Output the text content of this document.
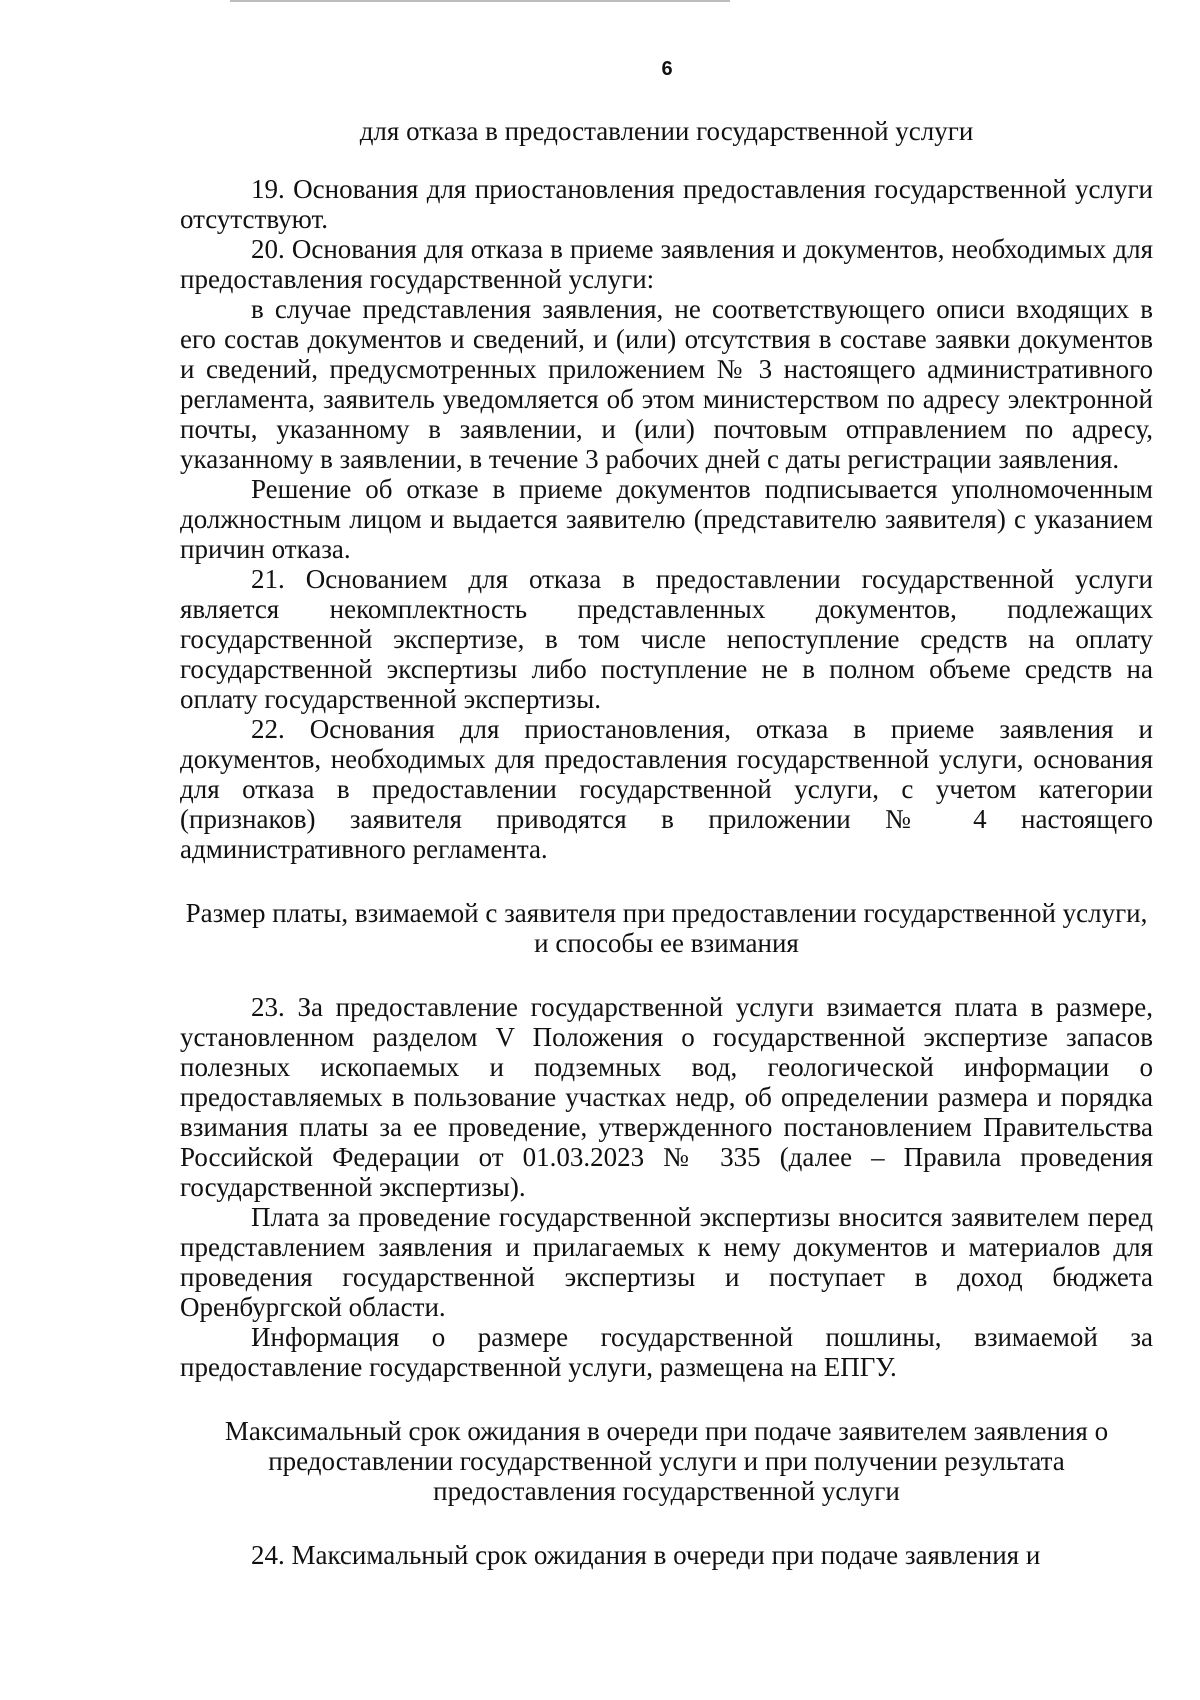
6

для отказа в предоставлении государственной услуги

19. Основания для приостановления предоставления государственной услуги отсутствуют.

20. Основания для отказа в приеме заявления и документов, необходимых для предоставления государственной услуги:

в случае представления заявления, не соответствующего описи входящих в его состав документов и сведений, и (или) отсутствия в составе заявки документов и сведений, предусмотренных приложением № 3 настоящего административного регламента, заявитель уведомляется об этом министерством по адресу электронной почты, указанному в заявлении, и (или) почтовым отправлением по адресу, указанному в заявлении, в течение 3 рабочих дней с даты регистрации заявления.

Решение об отказе в приеме документов подписывается уполномоченным должностным лицом и выдается заявителю (представителю заявителя) с указанием причин отказа.

21. Основанием для отказа в предоставлении государственной услуги является некомплектность представленных документов, подлежащих государственной экспертизе, в том числе непоступление средств на оплату государственной экспертизы либо поступление не в полном объеме средств на оплату государственной экспертизы.

22. Основания для приостановления, отказа в приеме заявления и документов, необходимых для предоставления государственной услуги, основания для отказа в предоставлении государственной услуги, с учетом категории (признаков) заявителя приводятся в приложении № 4 настоящего административного регламента.

Размер платы, взимаемой с заявителя при предоставлении государственной услуги, и способы ее взимания

23. За предоставление государственной услуги взимается плата в размере, установленном разделом V Положения о государственной экспертизе запасов полезных ископаемых и подземных вод, геологической информации о предоставляемых в пользование участках недр, об определении размера и порядка взимания платы за ее проведение, утвержденного постановлением Правительства Российской Федерации от 01.03.2023 № 335 (далее – Правила проведения государственной экспертизы).

Плата за проведение государственной экспертизы вносится заявителем перед представлением заявления и прилагаемых к нему документов и материалов для проведения государственной экспертизы и поступает в доход бюджета Оренбургской области.

Информация о размере государственной пошлины, взимаемой за предоставление государственной услуги, размещена на ЕПГУ.

Максимальный срок ожидания в очереди при подаче заявителем заявления о предоставлении государственной услуги и при получении результата предоставления государственной услуги

24. Максимальный срок ожидания в очереди при подаче заявления и
